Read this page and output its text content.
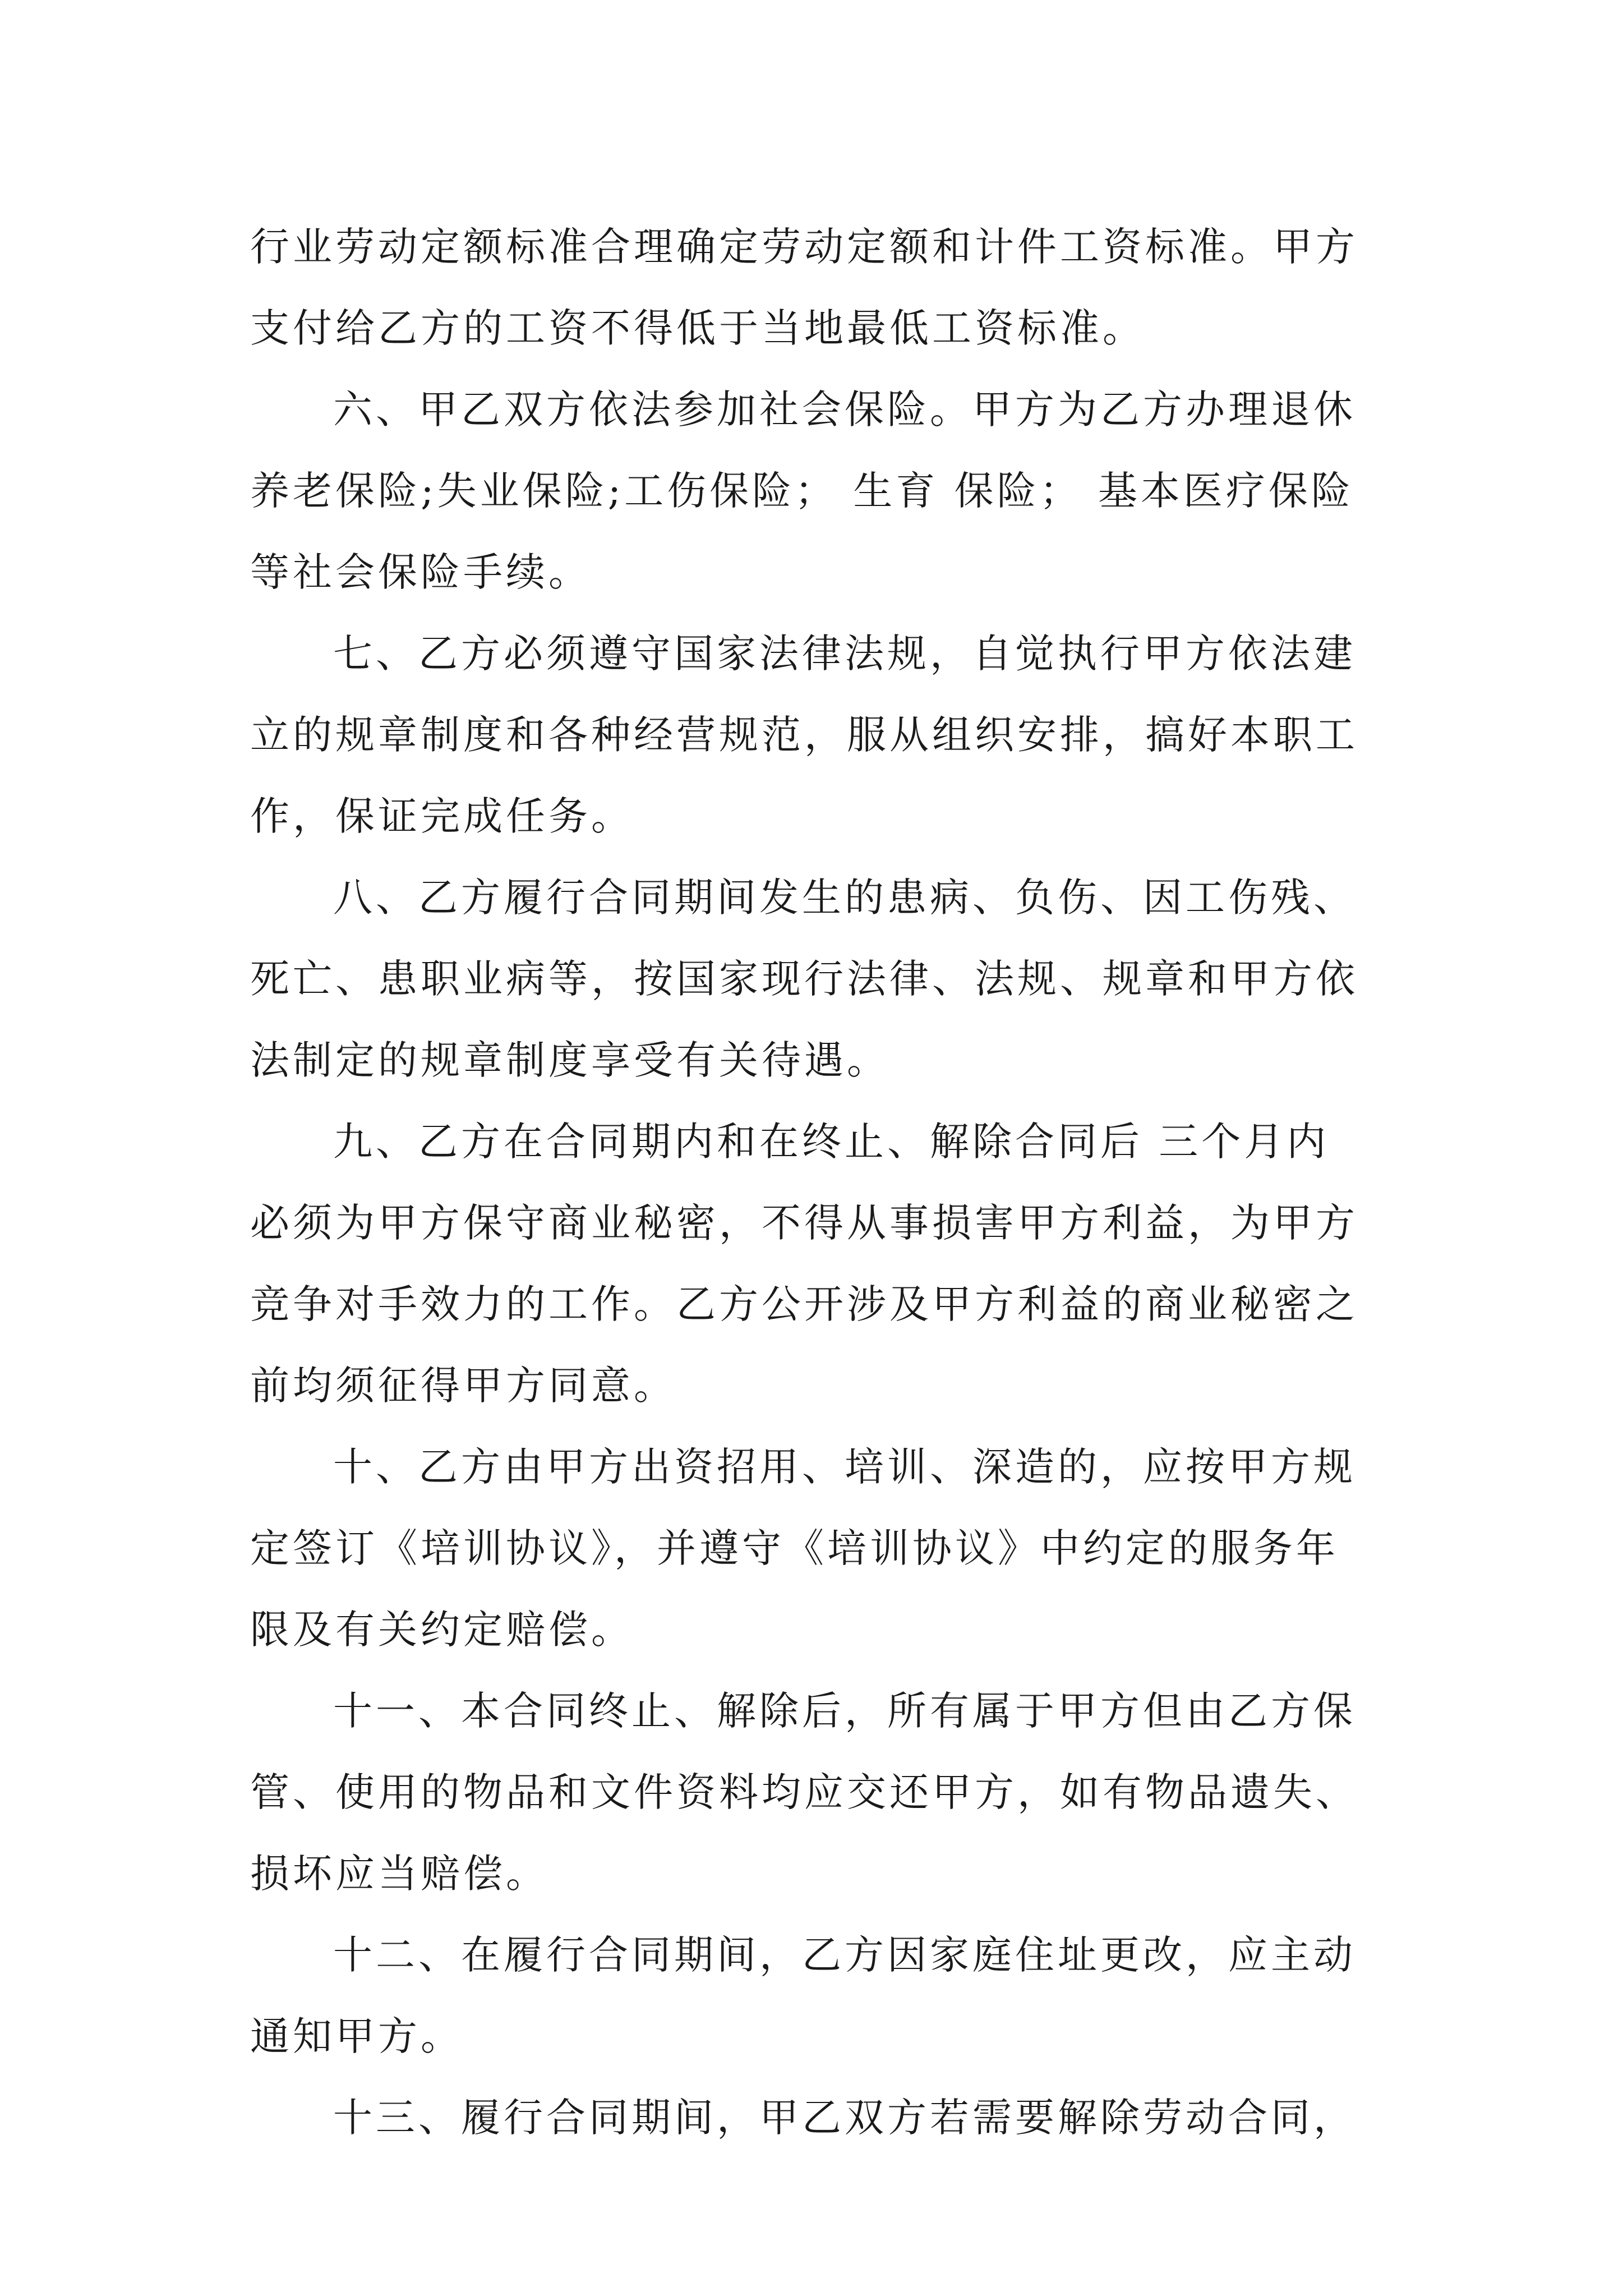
行业劳动定额标准合理确定劳动定额和计件工资标准。甲方
支付给乙方的工资不得低于当地最低工资标准。
六、甲乙双方依法参加社会保险。甲方为乙方办理退休
养老保险;失业保险;工伤保险； 生育 保险； 基本医疗保险
等社会保险手续。
七、乙方必须遵守国家法律法规，自觉执行甲方依法建
立的规章制度和各种经营规范，服从组织安排，搞好本职工
作，保证完成任务。
八、乙方履行合同期间发生的患病、负伤、因工伤残、
死亡、患职业病等，按国家现行法律、法规、规章和甲方依
法制定的规章制度享受有关待遇。
九、乙方在合同期内和在终止、解除合同后 三个月内
必须为甲方保守商业秘密，不得从事损害甲方利益，为甲方
竞争对手效力的工作。乙方公开涉及甲方利益的商业秘密之
前均须征得甲方同意。
十、乙方由甲方出资招用、培训、深造的，应按甲方规
定签订《培训协议》，并遵守《培训协议》中约定的服务年
限及有关约定赔偿。
十一、本合同终止、解除后，所有属于甲方但由乙方保
管、使用的物品和文件资料均应交还甲方，如有物品遗失、
损坏应当赔偿。
十二、在履行合同期间，乙方因家庭住址更改，应主动
通知甲方。
十三、履行合同期间，甲乙双方若需要解除劳动合同，
